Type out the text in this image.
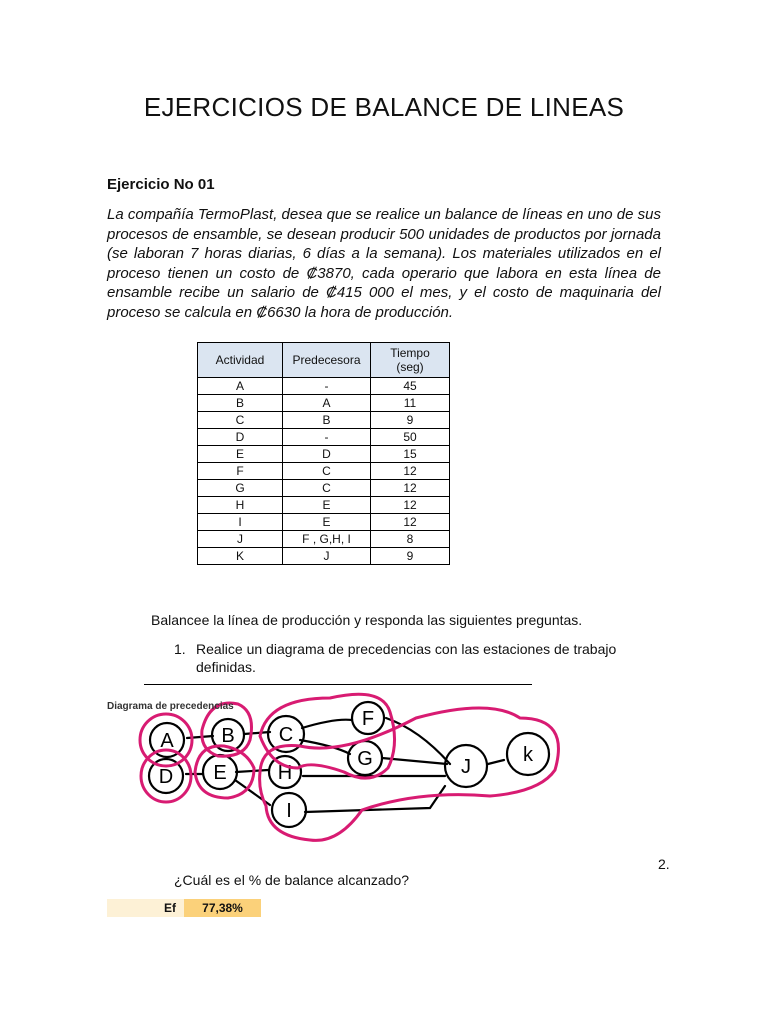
EJERCICIOS DE BALANCE DE LINEAS
Ejercicio No 01
La compañía TermoPlast, desea que se realice un balance de líneas en uno de sus procesos de ensamble, se desean producir 500 unidades de productos por jornada (se laboran 7 horas diarias, 6 días a la semana). Los materiales utilizados en el proceso tienen un costo de ₡3870, cada operario que labora en esta línea de ensamble recibe un salario de ₡415 000 el mes, y el costo de maquinaria del proceso se calcula en ₡6630 la hora de producción.
Actividad	Predecesora	Tiempo (seg)
A	-	45
B	A	11
C	B	9
D	-	50
E	D	15
F	C	12
G	C	12
H	E	12
I	E	12
J	F , G,H, I	8
K	J	9
Balancee la línea de producción y responda las siguientes preguntas.
1. Realice un diagrama de precedencias con las estaciones de trabajo definidas.
A B C
D E
F
G
H
I
J
k
Diagrama de precedencias
2.
¿Cuál es el % de balance alcanzado?
Ef	77,38%
